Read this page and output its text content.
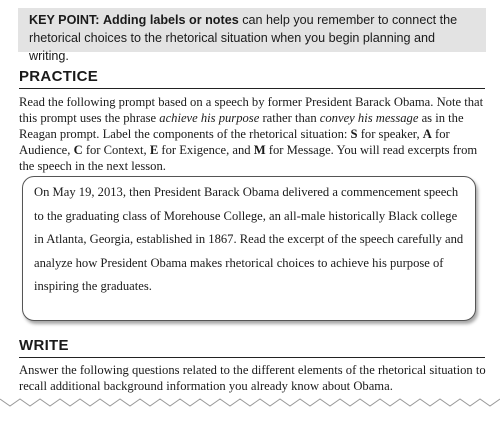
KEY POINT: Adding labels or notes can help you remember to connect the rhetorical choices to the rhetorical situation when you begin planning and writing.
PRACTICE

Read the following prompt based on a speech by former President Barack Obama. Note that this prompt uses the phrase achieve his purpose rather than convey his message as in the Reagan prompt. Label the components of the rhetorical situation: S for speaker, A for Audience, C for Context, E for Exigence, and M for Message. You will read excerpts from the speech in the next lesson.

On May 19, 2013, then President Barack Obama delivered a commencement speech to the graduating class of Morehouse College, an all-male historically Black college in Atlanta, Georgia, established in 1867. Read the excerpt of the speech carefully and analyze how President Obama makes rhetorical choices to achieve his purpose of inspiring the graduates.

WRITE

Answer the following questions related to the different elements of the rhetorical situation to recall additional background information you already know about Obama.
